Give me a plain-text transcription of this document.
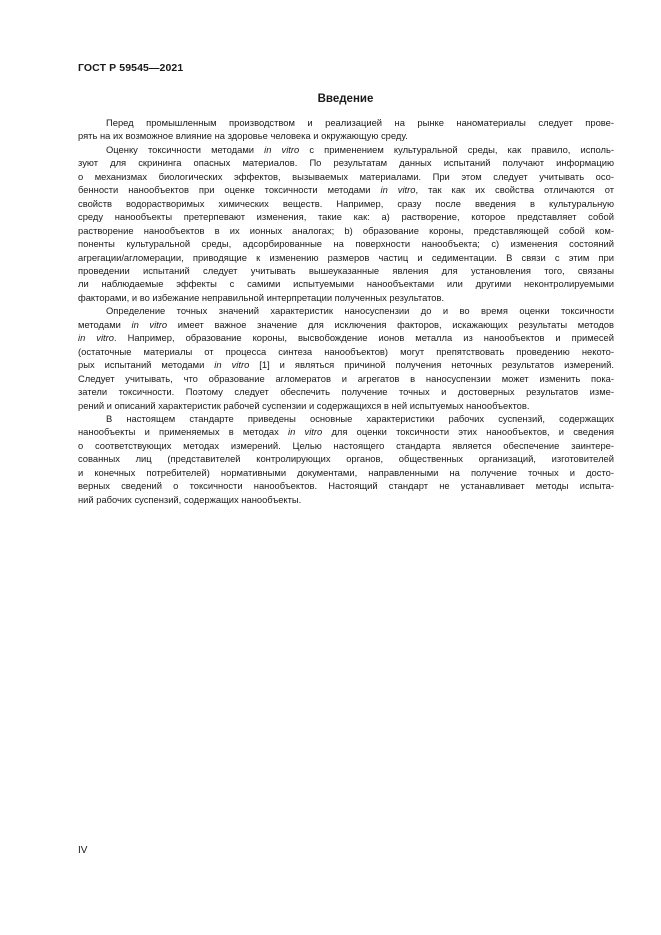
ГОСТ Р 59545—2021
Введение

Перед промышленным производством и реализацией на рынке наноматериалы следует прове-
рять на их возможное влияние на здоровье человека и окружающую среду.

Оценку токсичности методами in vitro с применением культуральной среды, как правило, исполь-
зуют для скрининга опасных материалов. По результатам данных испытаний получают информацию
о механизмах биологических эффектов, вызываемых материалами. При этом следует учитывать осо-
бенности нанообъектов при оценке токсичности методами in vitro, так как их свойства отличаются от
свойств водорастворимых химических веществ. Например, сразу после введения в культуральную
среду нанообъекты претерпевают изменения, такие как: a) растворение, которое представляет собой
растворение нанообъектов в их ионных аналогах; b) образование короны, представляющей собой ком-
поненты культуральной среды, адсорбированные на поверхности нанообъекта; c) изменения состояний
агрегации/агломерации, приводящие к изменению размеров частиц и седиментации. В связи с этим при
проведении испытаний следует учитывать вышеуказанные явления для установления того, связаны
ли наблюдаемые эффекты с самими испытуемыми нанообъектами или другими неконтролируемыми
факторами, и во избежание неправильной интерпретации полученных результатов.

Определение точных значений характеристик наносуспензии до и во время оценки токсичности
методами in vitro имеет важное значение для исключения факторов, искажающих результаты методов
in vitro. Например, образование короны, высвобождение ионов металла из нанообъектов и примесей
(остаточные материалы от процесса синтеза нанообъектов) могут препятствовать проведению некото-
рых испытаний методами in vitro [1] и являться причиной получения неточных результатов измерений.
Следует учитывать, что образование агломератов и агрегатов в наносуспензии может изменить пока-
затели токсичности. Поэтому следует обеспечить получение точных и достоверных результатов изме-
рений и описаний характеристик рабочей суспензии и содержащихся в ней испытуемых нанообъектов.

В настоящем стандарте приведены основные характеристики рабочих суспензий, содержащих
нанообъекты и применяемых в методах in vitro для оценки токсичности этих нанообъектов, и сведения
о соответствующих методах измерений. Целью настоящего стандарта является обеспечение заинтере-
сованных лиц (представителей контролирующих органов, общественных организаций, изготовителей
и конечных потребителей) нормативными документами, направленными на получение точных и досто-
верных сведений о токсичности нанообъектов. Настоящий стандарт не устанавливает методы испыта-
ний рабочих суспензий, содержащих нанообъекты.

IV
